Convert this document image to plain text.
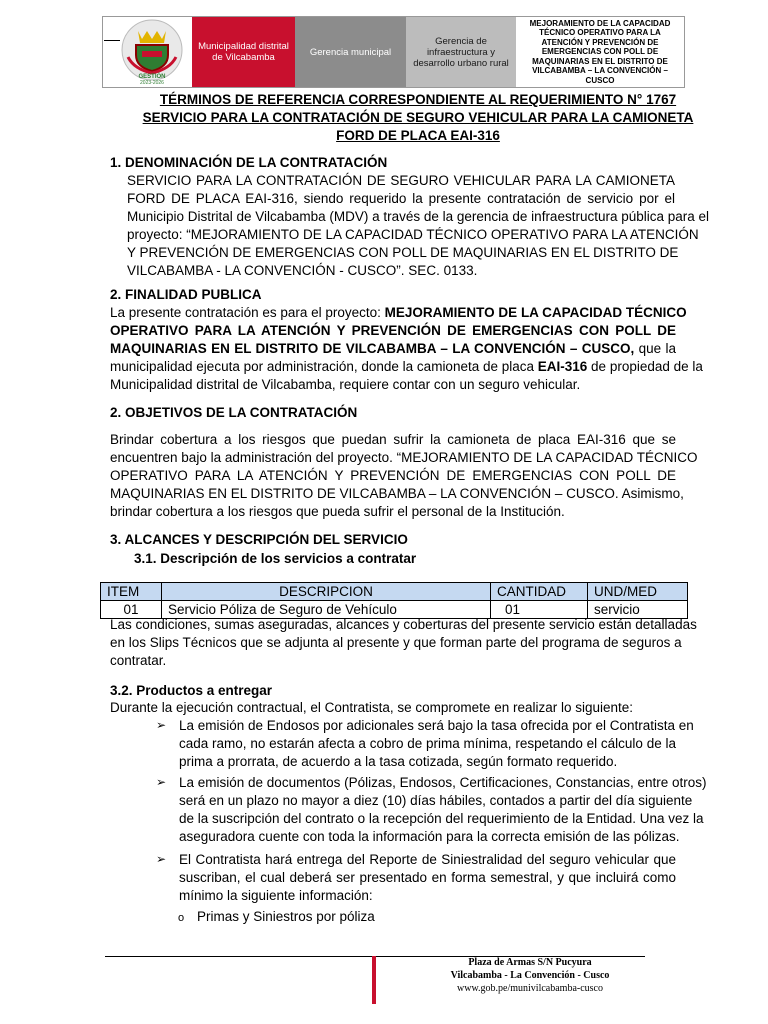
GESTIÓN
2023-2026
Municipalidad distrital de Vilcabamba	Gerencia municipal
Gerencia de infraestructura y desarrollo urbano rural
MEJORAMIENTO DE LA CAPACIDAD TÉCNICO OPERATIVO PARA LA ATENCIÓN Y PREVENCIÓN DE EMERGENCIAS CON POLL DE MAQUINARIAS EN EL DISTRITO DE VILCABAMBA – LA CONVENCIÓN – CUSCO
TÉRMINOS DE REFERENCIA CORRESPONDIENTE AL REQUERIMIENTO N° 1767
SERVICIO PARA LA CONTRATACIÓN DE SEGURO VEHICULAR PARA LA CAMIONETA
FORD DE PLACA EAI-316
1. DENOMINACIÓN DE LA CONTRATACIÓN
SERVICIO PARA LA CONTRATACIÓN DE SEGURO VEHICULAR PARA LA CAMIONETA
FORD DE PLACA EAI-316, siendo requerido la presente contratación de servicio por el
Municipio Distrital de Vilcabamba (MDV) a través de la gerencia de infraestructura pública para el
proyecto: “MEJORAMIENTO DE LA CAPACIDAD TÉCNICO OPERATIVO PARA LA ATENCIÓN
Y PREVENCIÓN DE EMERGENCIAS CON POLL DE MAQUINARIAS EN EL DISTRITO DE
VILCABAMBA - LA CONVENCIÓN - CUSCO”. SEC. 0133.
2. FINALIDAD PUBLICA
La presente contratación es para el proyecto: MEJORAMIENTO DE LA CAPACIDAD TÉCNICO
OPERATIVO PARA LA ATENCIÓN Y PREVENCIÓN DE EMERGENCIAS CON POLL DE
MAQUINARIAS EN EL DISTRITO DE VILCABAMBA – LA CONVENCIÓN – CUSCO, que la
municipalidad ejecuta por administración, donde la camioneta de placa EAI-316 de propiedad de la
Municipalidad distrital de Vilcabamba, requiere contar con un seguro vehicular.
2. OBJETIVOS DE LA CONTRATACIÓN
Brindar cobertura a los riesgos que puedan sufrir la camioneta de placa EAI-316 que se
encuentren bajo la administración del proyecto. “MEJORAMIENTO DE LA CAPACIDAD TÉCNICO
OPERATIVO PARA LA ATENCIÓN Y PREVENCIÓN DE EMERGENCIAS CON POLL DE
MAQUINARIAS EN EL DISTRITO DE VILCABAMBA – LA CONVENCIÓN – CUSCO. Asimismo,
brindar cobertura a los riesgos que pueda sufrir el personal de la Institución.
3. ALCANCES Y DESCRIPCIÓN DEL SERVICIO
3.1. Descripción de los servicios a contratar
ITEM	DESCRIPCION	CANTIDAD	UND/MED
01	Servicio Póliza de Seguro de Vehículo	01	servicio
Las condiciones, sumas aseguradas, alcances y coberturas del presente servicio están detalladas
en los Slips Técnicos que se adjunta al presente y que forman parte del programa de seguros a
contratar.
3.2. Productos a entregar
Durante la ejecución contractual, el Contratista, se compromete en realizar lo siguiente:
➢ La emisión de Endosos por adicionales será bajo la tasa ofrecida por el Contratista en
cada ramo, no estarán afecta a cobro de prima mínima, respetando el cálculo de la
prima a prorrata, de acuerdo a la tasa cotizada, según formato requerido.
➢ La emisión de documentos (Pólizas, Endosos, Certificaciones, Constancias, entre otros)
será en un plazo no mayor a diez (10) días hábiles, contados a partir del día siguiente
de la suscripción del contrato o la recepción del requerimiento de la Entidad. Una vez la
aseguradora cuente con toda la información para la correcta emisión de las pólizas.
➢ El Contratista hará entrega del Reporte de Siniestralidad del seguro vehicular que
suscriban, el cual deberá ser presentado en forma semestral, y que incluirá como
mínimo la siguiente información:
o Primas y Siniestros por póliza
Plaza de Armas S/N Pucyura
Vilcabamba - La Convención - Cusco
www.gob.pe/munivilcabamba-cusco
